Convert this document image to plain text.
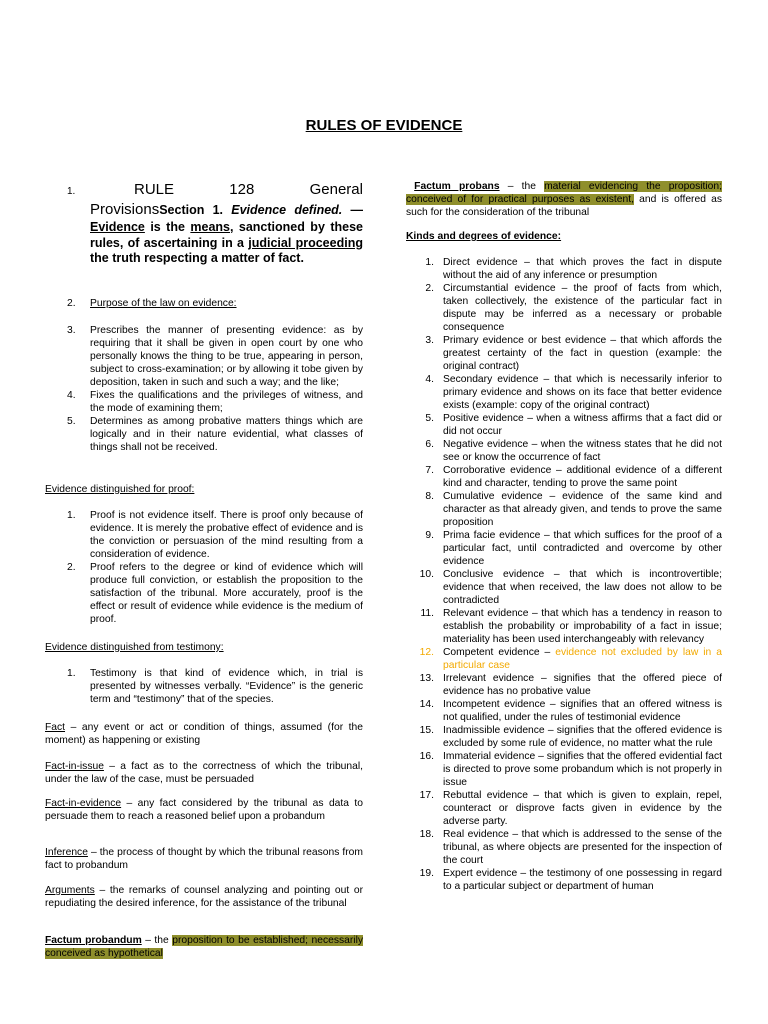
RULES OF EVIDENCE
1.	RULE	128	General
ProvisionsSection 1. Evidence defined. — Evidence is the means, sanctioned by these rules, of ascertaining in a judicial proceeding the truth respecting a matter of fact.
2.	Purpose of the law on evidence:
3.	Prescribes the manner of presenting evidence: as by requiring that it shall be given in open court by one who personally knows the thing to be true, appearing in person, subject to cross-examination; or by allowing it tobe given by deposition, taken in such and such a way; and the like;
4.	Fixes the qualifications and the privileges of witness, and the mode of examining them;
5.	Determines as among probative matters things which are logically and in their nature evidential, what classes of things shall not be received.
Evidence distinguished for proof:
1.	Proof is not evidence itself. There is proof only because of evidence. It is merely the probative effect of evidence and is the conviction or persuasion of the mind resulting from a consideration of evidence.
2.	Proof refers to the degree or kind of evidence which will produce full conviction, or establish the proposition to the satisfaction of the tribunal. More accurately, proof is the effect or result of evidence while evidence is the medium of proof.
Evidence distinguished from testimony:
1.	Testimony is that kind of evidence which, in trial is presented by witnesses verbally. “Evidence” is the generic term and “testimony” that of the species.
Fact – any event or act or condition of things, assumed (for the moment) as happening or existing
Fact-in-issue – a fact as to the correctness of which the tribunal, under the law of the case, must be persuaded
Fact-in-evidence – any fact considered by the tribunal as data to persuade them to reach a reasoned belief upon a probandum
Inference – the process of thought by which the tribunal reasons from fact to probandum
Arguments – the remarks of counsel analyzing and pointing out or repudiating the desired inference, for the assistance of the tribunal
Factum probandum – the proposition to be established; necessarily conceived as hypothetical
Factum probans – the material evidencing the proposition; conceived of for practical purposes as existent, and is offered as such for the consideration of the tribunal
Kinds and degrees of evidence:
1. Direct evidence – that which proves the fact in dispute without the aid of any inference or presumption
2. Circumstantial evidence – the proof of facts from which, taken collectively, the existence of the particular fact in dispute may be inferred as a necessary or probable consequence
3. Primary evidence or best evidence – that which affords the greatest certainty of the fact in question (example: the original contract)
4. Secondary evidence – that which is necessarily inferior to primary evidence and shows on its face that better evidence exists (example: copy of the original contract)
5. Positive evidence – when a witness affirms that a fact did or did not occur
6. Negative evidence – when the witness states that he did not see or know the occurrence of fact
7. Corroborative evidence – additional evidence of a different kind and character, tending to prove the same point
8. Cumulative evidence – evidence of the same kind and character as that already given, and tends to prove the same proposition
9. Prima facie evidence – that which suffices for the proof of a particular fact, until contradicted and overcome by other evidence
10. Conclusive evidence – that which is incontrovertible; evidence that when received, the law does not allow to be contradicted
11. Relevant evidence – that which has a tendency in reason to establish the probability or improbability of a fact in issue; materiality has been used interchangeably with relevancy
12. Competent evidence – evidence not excluded by law in a particular case
13. Irrelevant evidence – signifies that the offered piece of evidence has no probative value
14. Incompetent evidence – signifies that an offered witness is not qualified, under the rules of testimonial evidence
15. Inadmissible evidence – signifies that the offered evidence is excluded by some rule of evidence, no matter what the rule
16. Immaterial evidence – signifies that the offered evidential fact is directed to prove some probandum which is not properly in issue
17. Rebuttal evidence – that which is given to explain, repel, counteract or disprove facts given in evidence by the adverse party.
18. Real evidence – that which is addressed to the sense of the tribunal, as where objects are presented for the inspection of the court
19. Expert evidence – the testimony of one possessing in regard to a particular subject or department of human
